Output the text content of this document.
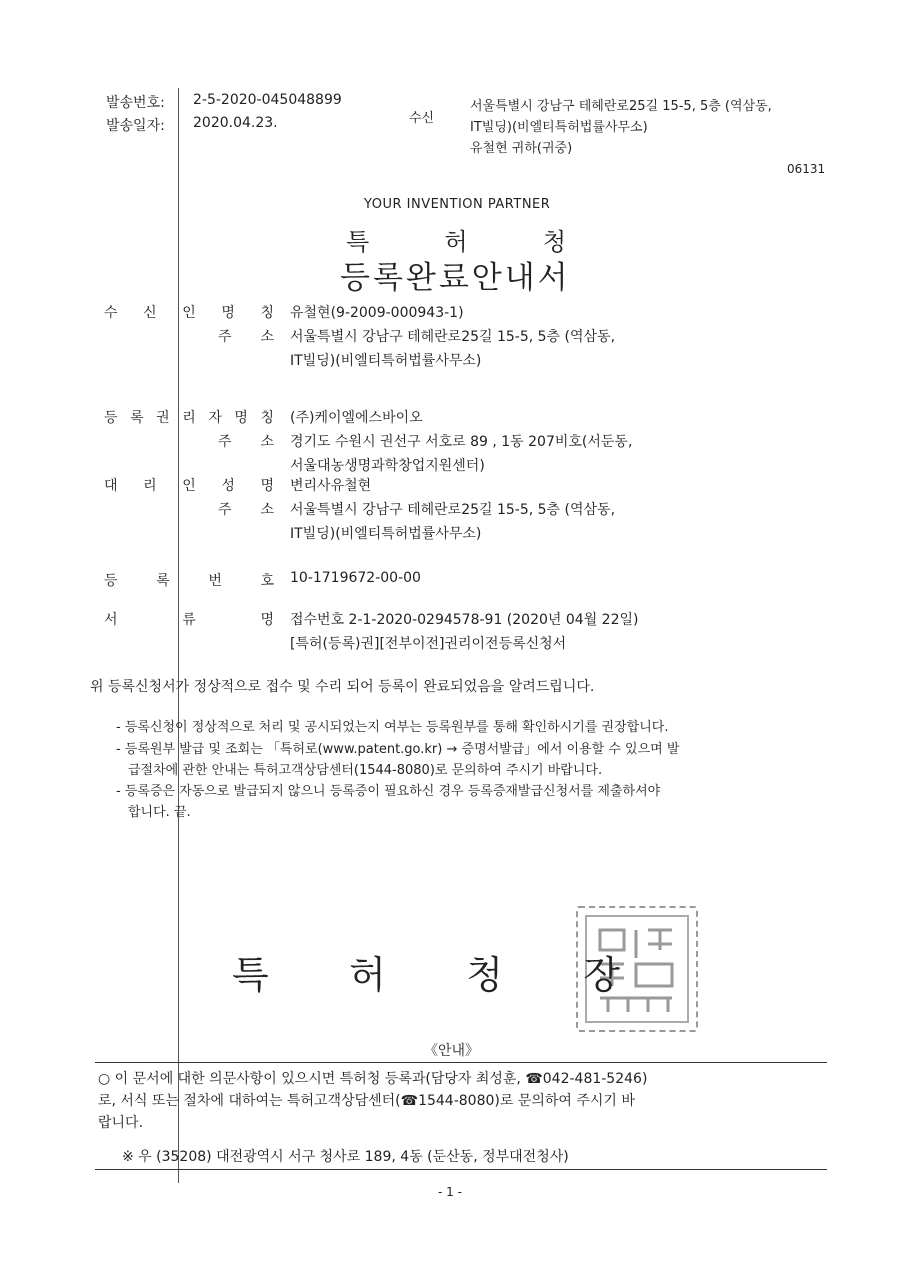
발송번호: 2-5-2020-045048899
발송일자: 2020.04.23.	수신
서울특별시 강남구 테헤란로25길 15-5, 5층 (역삼동,
IT빌딩)(비엘티특허법률사무소)
유철현 귀하(귀중)
06131
YOUR INVENTION PARTNER
특	허	청
등록완료안내서
수 신 인 명 칭 유철현(9-2009-000943-1)
주 소 서울특별시 강남구 테헤란로25길 15-5, 5층 (역삼동,
IT빌딩)(비엘티특허법률사무소)
등 록 권 리 자 명 칭 (주)케이엘에스바이오
주 소 경기도 수원시 권선구 서호로 89 , 1동 207비호(서둔동,
서울대농생명과학창업지원센터)
대 리 인 성 명 변리사유철현
주 소 서울특별시 강남구 테헤란로25길 15-5, 5층 (역삼동,
IT빌딩)(비엘티특허법률사무소)
등	록	번	호 10-1719672-00-00
서	류	명 접수번호 2-1-2020-0294578-91 (2020년 04월 22일)
[특허(등록)권][전부이전]권리이전등록신청서
위 등록신청서가 정상적으로 접수 및 수리 되어 등록이 완료되었음을 알려드립니다.
- 등록신청이 정상적으로 처리 및 공시되었는지 여부는 등록원부를 통해 확인하시기를 권장합니다.
- 등록원부 발급 및 조회는 「특허로(www.patent.go.kr) → 증명서발급」에서 이용할 수 있으며 발
급절차에 관한 안내는 특허고객상담센터(1544-8080)로 문의하여 주시기 바랍니다.
- 등록증은 자동으로 발급되지 않으니 등록증이 필요하신 경우 등록증재발급신청서를 제출하셔야
합니다. 끝.
특 허 청 장
《안내》
○ 이 문서에 대한 의문사항이 있으시면 특허청 등록과(담당자 최성훈, ☎042-481-5246)
로, 서식 또는 절차에 대하여는 특허고객상담센터(☎1544-8080)로 문의하여 주시기 바
랍니다.
※ 우 (35208) 대전광역시 서구 청사로 189, 4동 (둔산동, 정부대전청사)
- 1 -
